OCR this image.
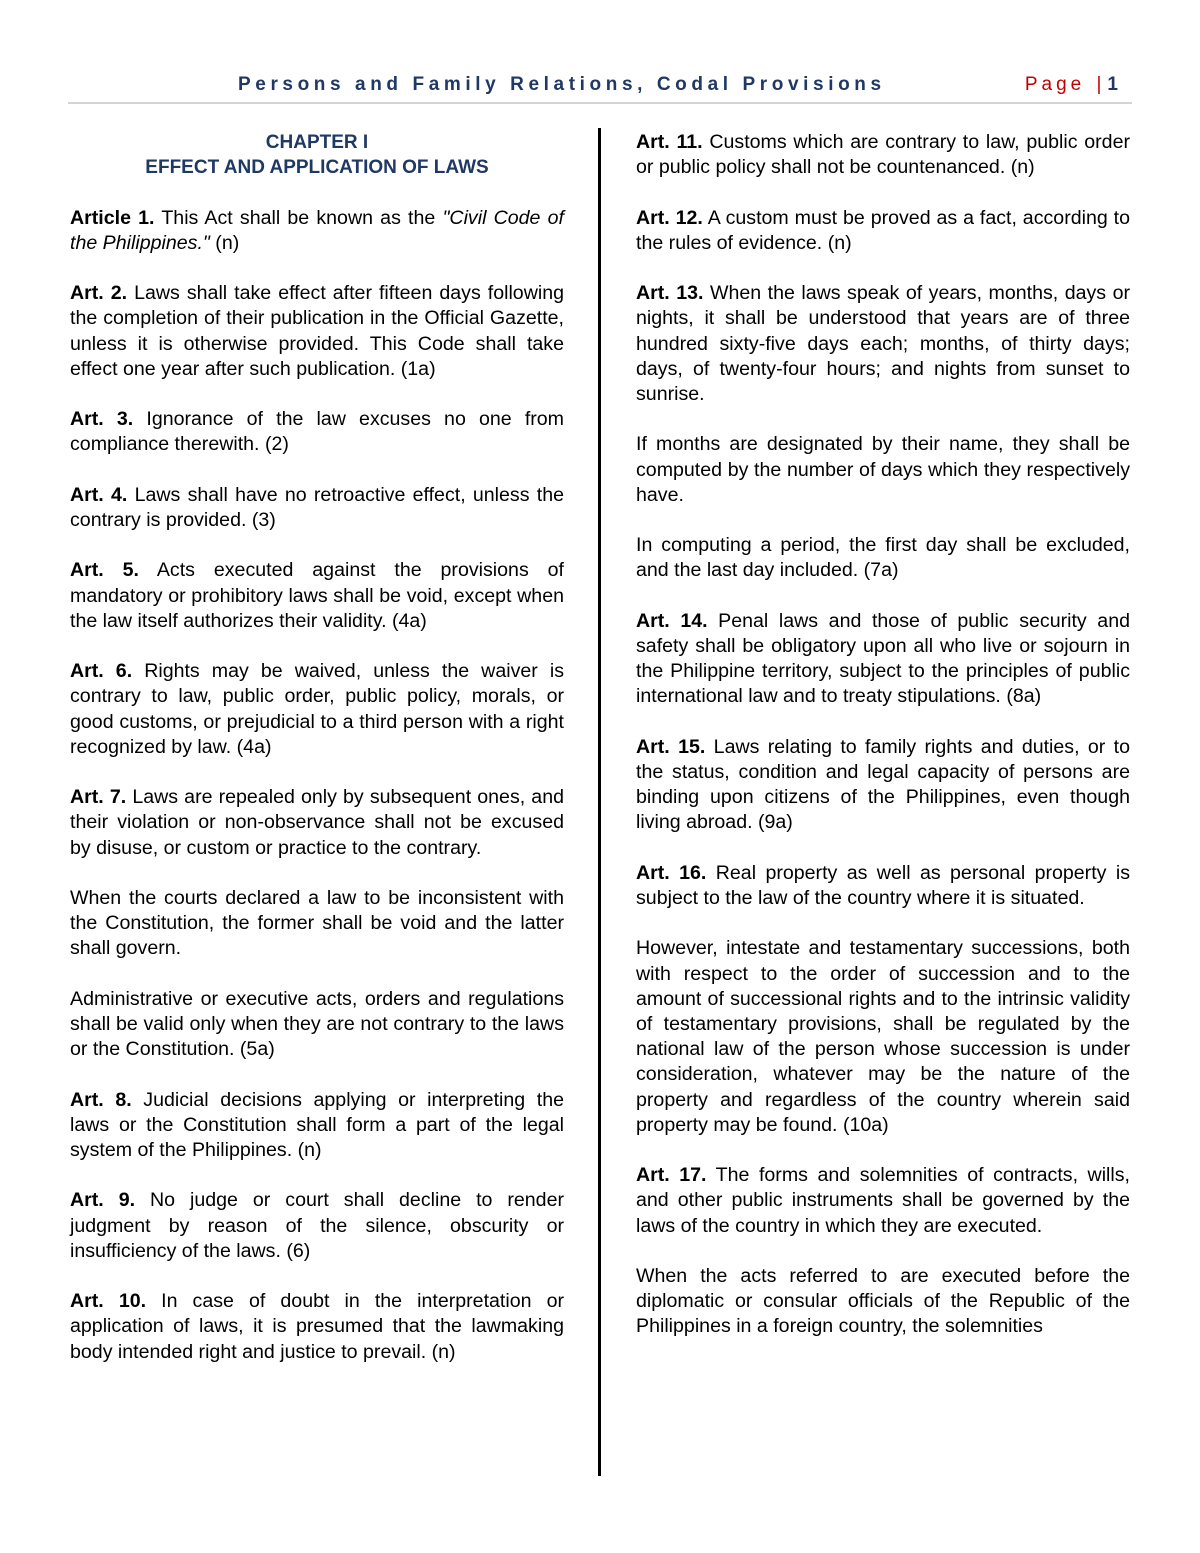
Persons and Family Relations, Codal Provisions	Page | 1
CHAPTER I
EFFECT AND APPLICATION OF LAWS

Article 1. This Act shall be known as the "Civil Code of the Philippines." (n)

Art. 2. Laws shall take effect after fifteen days following the completion of their publication in the Official Gazette, unless it is otherwise provided. This Code shall take effect one year after such publication. (1a)

Art. 3. Ignorance of the law excuses no one from compliance therewith. (2)

Art. 4. Laws shall have no retroactive effect, unless the contrary is provided. (3)

Art. 5. Acts executed against the provisions of mandatory or prohibitory laws shall be void, except when the law itself authorizes their validity. (4a)

Art. 6. Rights may be waived, unless the waiver is contrary to law, public order, public policy, morals, or good customs, or prejudicial to a third person with a right recognized by law. (4a)

Art. 7. Laws are repealed only by subsequent ones, and their violation or non-observance shall not be excused by disuse, or custom or practice to the contrary.

When the courts declared a law to be inconsistent with the Constitution, the former shall be void and the latter shall govern.

Administrative or executive acts, orders and regulations shall be valid only when they are not contrary to the laws or the Constitution. (5a)

Art. 8. Judicial decisions applying or interpreting the laws or the Constitution shall form a part of the legal system of the Philippines. (n)

Art. 9. No judge or court shall decline to render judgment by reason of the silence, obscurity or insufficiency of the laws. (6)

Art. 10. In case of doubt in the interpretation or application of laws, it is presumed that the lawmaking body intended right and justice to prevail. (n)

Art. 11. Customs which are contrary to law, public order or public policy shall not be countenanced. (n)

Art. 12. A custom must be proved as a fact, according to the rules of evidence. (n)

Art. 13. When the laws speak of years, months, days or nights, it shall be understood that years are of three hundred sixty-five days each; months, of thirty days; days, of twenty-four hours; and nights from sunset to sunrise.

If months are designated by their name, they shall be computed by the number of days which they respectively have.

In computing a period, the first day shall be excluded, and the last day included. (7a)

Art. 14. Penal laws and those of public security and safety shall be obligatory upon all who live or sojourn in the Philippine territory, subject to the principles of public international law and to treaty stipulations. (8a)

Art. 15. Laws relating to family rights and duties, or to the status, condition and legal capacity of persons are binding upon citizens of the Philippines, even though living abroad. (9a)

Art. 16. Real property as well as personal property is subject to the law of the country where it is situated.

However, intestate and testamentary successions, both with respect to the order of succession and to the amount of successional rights and to the intrinsic validity of testamentary provisions, shall be regulated by the national law of the person whose succession is under consideration, whatever may be the nature of the property and regardless of the country wherein said property may be found. (10a)

Art. 17. The forms and solemnities of contracts, wills, and other public instruments shall be governed by the laws of the country in which they are executed.

When the acts referred to are executed before the diplomatic or consular officials of the Republic of the Philippines in a foreign country, the solemnities
